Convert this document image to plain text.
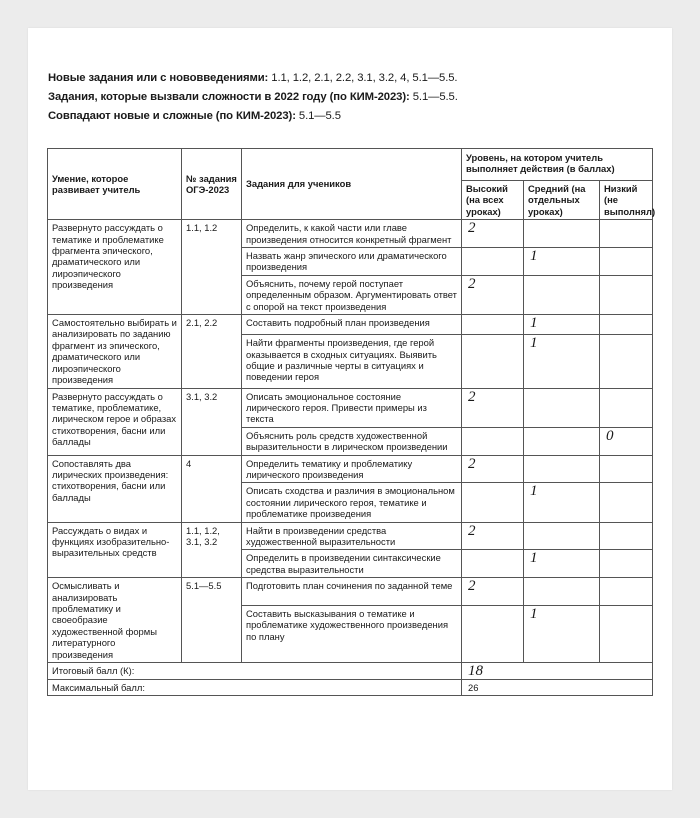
Новые задания или с нововведениями: 1.1, 1.2, 2.1, 2.2, 3.1, 3.2, 4, 5.1—5.5.

Задания, которые вызвали сложности в 2022 году (по КИМ-2023): 5.1—5.5.

Совпадают новые и сложные (по КИМ-2023): 5.1—5.5

Умение, которое развивает учитель	№ задания ОГЭ-2023	Задания для учеников	Уровень, на котором учитель выполняет действия (в баллах)		
			Высокий (на всех уроках)	Средний (на отдельных уроках)	Низкий (не выполнял)
Развернуто рассуждать о тематике и проблематике фрагмента эпического, драматического или лироэпического произведения	1.1, 1.2	Определить, к какой части или главе произведения относится конкретный фрагмент	2		
		Назвать жанр эпического или драматического произведения		1	
		Объяснить, почему герой поступает определенным образом. Аргументировать ответ с опорой на текст произведения	2		
Самостоятельно выбирать и анализировать по заданию фрагмент из эпического, драматического или лироэпического произведения	2.1, 2.2	Составить подробный план произведения		1	
		Найти фрагменты произведения, где герой оказывается в сходных ситуациях. Выявить общие и различные черты в ситуациях и поведении героя		1	
Развернуто рассуждать о тематике, проблематике, лирическом герое и образах стихотворения, басни или баллады	3.1, 3.2	Описать эмоциональное состояние лирического героя. Привести примеры из текста	2		
		Объяснить роль средств художественной выразительности в лирическом произведении			0
Сопоставлять два лирических произведения: стихотворения, басни или баллады	4	Определить тематику и проблематику лирического произведения	2		
		Описать сходства и различия в эмоциональном состоянии лирического героя, тематике и проблематике произведения		1	
Рассуждать о видах и функциях изобразительно-выразительных средств	1.1, 1.2, 3.1, 3.2	Найти в произведении средства художественной выразительности	2		
		Определить в произведении синтаксические средства выразительности		1	
Осмысливать и анализировать проблематику и своеобразие художественной формы литературного произведения	5.1—5.5	Подготовить план сочинения по заданной теме	2		
		Составить высказывания о тематике и проблематике художественного произведения по плану		1	
Итоговый балл (К):			18		
Максимальный балл:			26		
